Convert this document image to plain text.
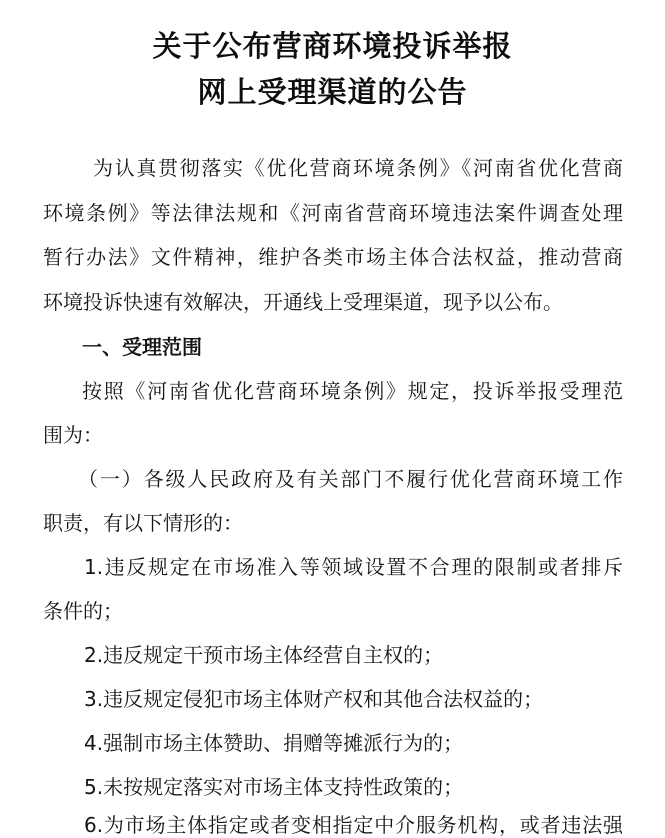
关于公布营商环境投诉举报
网上受理渠道的公告
为认真贯彻落实《优化营商环境条例》《河南省优化营商
环境条例》等法律法规和《河南省营商环境违法案件调查处理
暂行办法》文件精神，维护各类市场主体合法权益，推动营商
环境投诉快速有效解决，开通线上受理渠道，现予以公布。
一、受理范围
按照《河南省优化营商环境条例》规定，投诉举报受理范
围为：
（一）各级人民政府及有关部门不履行优化营商环境工作
职责，有以下情形的：
1.违反规定在市场准入等领域设置不合理的限制或者排斥
条件的；
2.违反规定干预市场主体经营自主权的；
3.违反规定侵犯市场主体财产权和其他合法权益的；
4.强制市场主体赞助、捐赠等摊派行为的；
5.未按规定落实对市场主体支持性政策的；
6.为市场主体指定或者变相指定中介服务机构，或者违法强
